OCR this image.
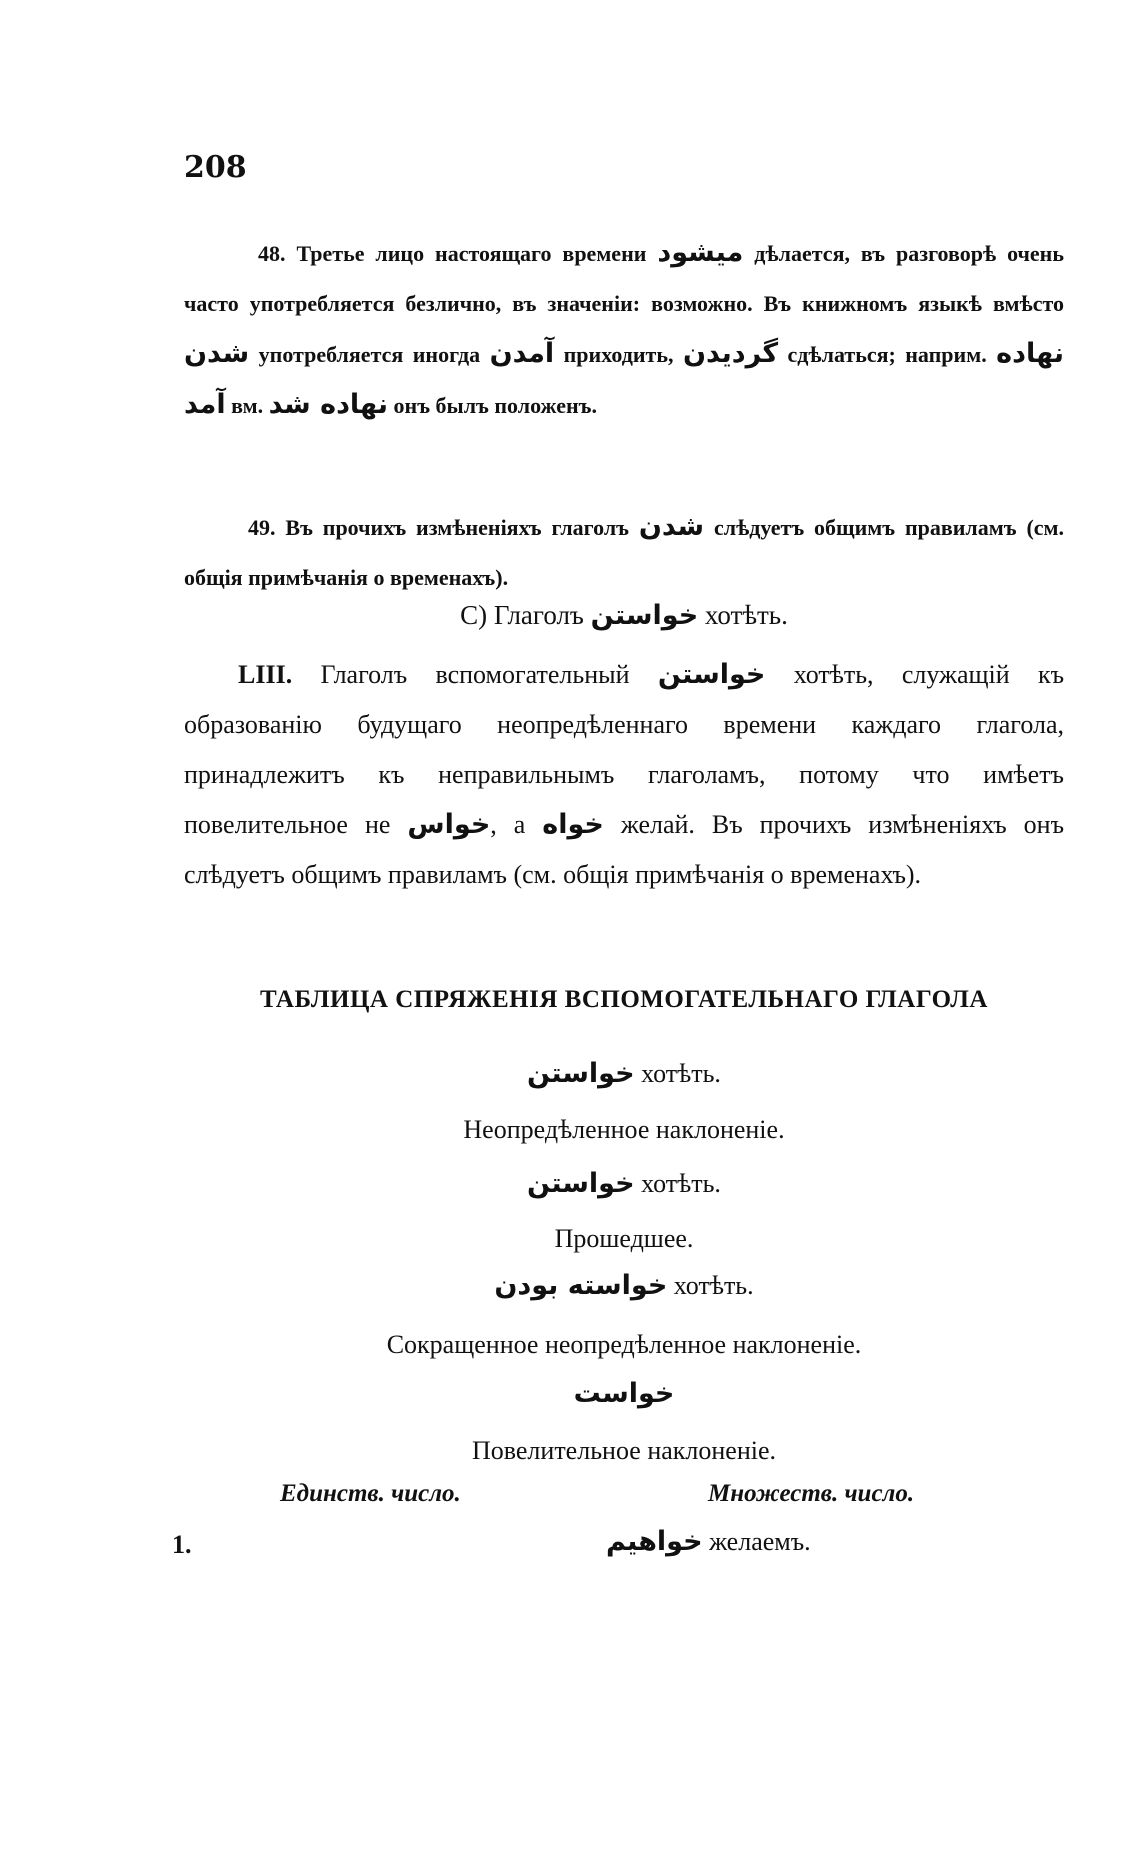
208
48. Третье лицо настоящаго времени میشود дѣлается, въ разговорѣ очень часто употребляется безлично, въ значеніи: возможно. Въ книжномъ языкѣ вмѣсто شدن употребляется иногда آمدن приходить, گردیدن сдѣлаться; наприм. نهاده آمد вм. نهاده شد онъ былъ положенъ.
49. Въ прочихъ измѣненіяхъ глаголъ شدن слѣдуетъ общимъ правиламъ (см. общія примѣчанія о временахъ).
C) Глаголъ خواستن хотѣть.
LIII. Глаголъ вспомогательный خواستن хотѣть, служащій къ образованію будущаго неопредѣленнаго времени каждаго глагола, принадлежитъ къ неправильнымъ глаголамъ, потому что имѣетъ повелительное не خواس, а خواه желай. Въ прочихъ измѣненіяхъ онъ слѣдуетъ общимъ правиламъ (см. общія примѣчанія о временахъ).
ТАБЛИЦА СПРЯЖЕНІЯ ВСПОМОГАТЕЛЬНАГО ГЛАГОЛА
خواستن хотѣть.
Неопредѣленное наклоненіе.
خواستن хотѣть.
Прошедшее.
خواسته بودن хотѣть.
Сокращенное неопредѣленное наклоненіе.
خواست
Повелительное наклоненіе.
Единств. число.	Множеств. число.
1.	خواهیم желаемъ.
